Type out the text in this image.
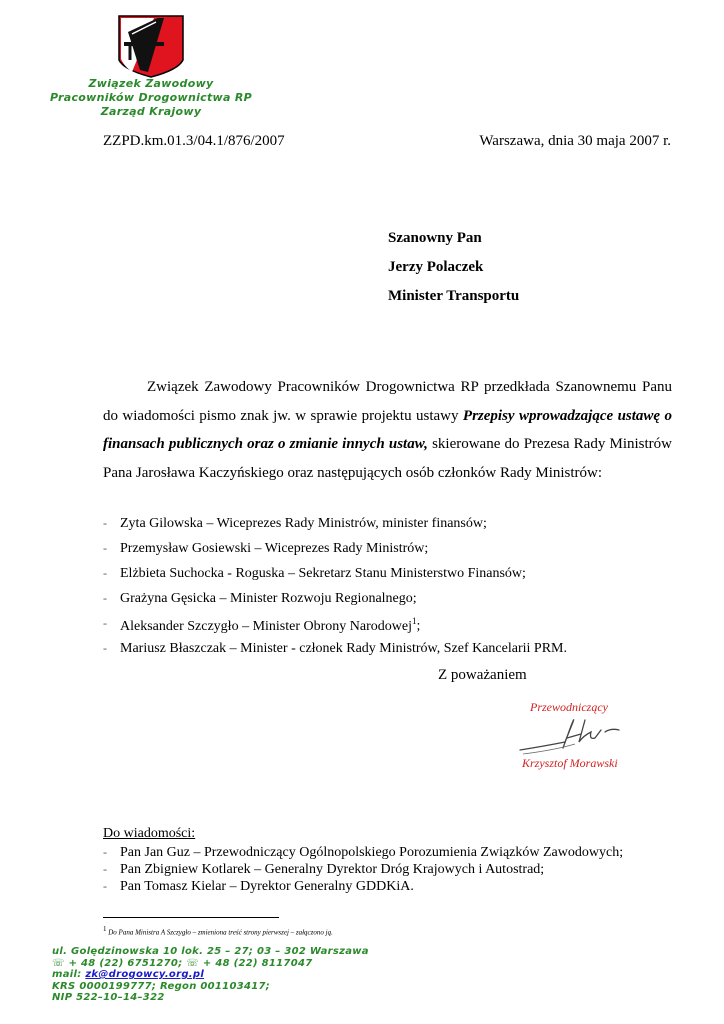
Związek Zawodowy
Pracowników Drogownictwa RP
Zarząd Krajowy
ZZPD.km.01.3/04.1/876/2007	Warszawa, dnia 30 maja 2007 r.
Szanowny Pan
Jerzy Polaczek
Minister Transportu
Związek Zawodowy Pracowników Drogownictwa RP przedkłada Szanownemu Panu do wiadomości pismo znak jw. w sprawie projektu ustawy Przepisy wprowadzające ustawę o finansach publicznych oraz o zmianie innych ustaw, skierowane do Prezesa Rady Ministrów Pana Jarosława Kaczyńskiego oraz następujących osób członków Rady Ministrów:
- Zyta Gilowska – Wiceprezes Rady Ministrów, minister finansów;
- Przemysław Gosiewski – Wiceprezes Rady Ministrów;
- Elżbieta Suchocka - Roguska – Sekretarz Stanu Ministerstwo Finansów;
- Grażyna Gęsicka – Minister Rozwoju Regionalnego;
- Aleksander Szczygło – Minister Obrony Narodowej$^1$;
- Mariusz Błaszczak – Minister - członek Rady Ministrów, Szef Kancelarii PRM.
Z poważaniem
Przewodniczący
Krzysztof Morawski
Do wiadomości:
- Pan Jan Guz – Przewodniczący Ogólnopolskiego Porozumienia Związków Zawodowych;
- Pan Zbigniew Kotlarek – Generalny Dyrektor Dróg Krajowych i Autostrad;
- Pan Tomasz Kielar – Dyrektor Generalny GDDKiA.
$^1$ Do Pana Ministra A Szczygło – zmieniona treść strony pierwszej – załączono ją.
ul. Golędzinowska 10 lok. 25 – 27; 03 – 302 Warszawa
☏ + 48 (22) 6751270; ☏ + 48 (22) 8117047
mail: zk@drogowcy.org.pl
KRS 0000199777; Regon 001103417;
NIP 522–10–14–322
